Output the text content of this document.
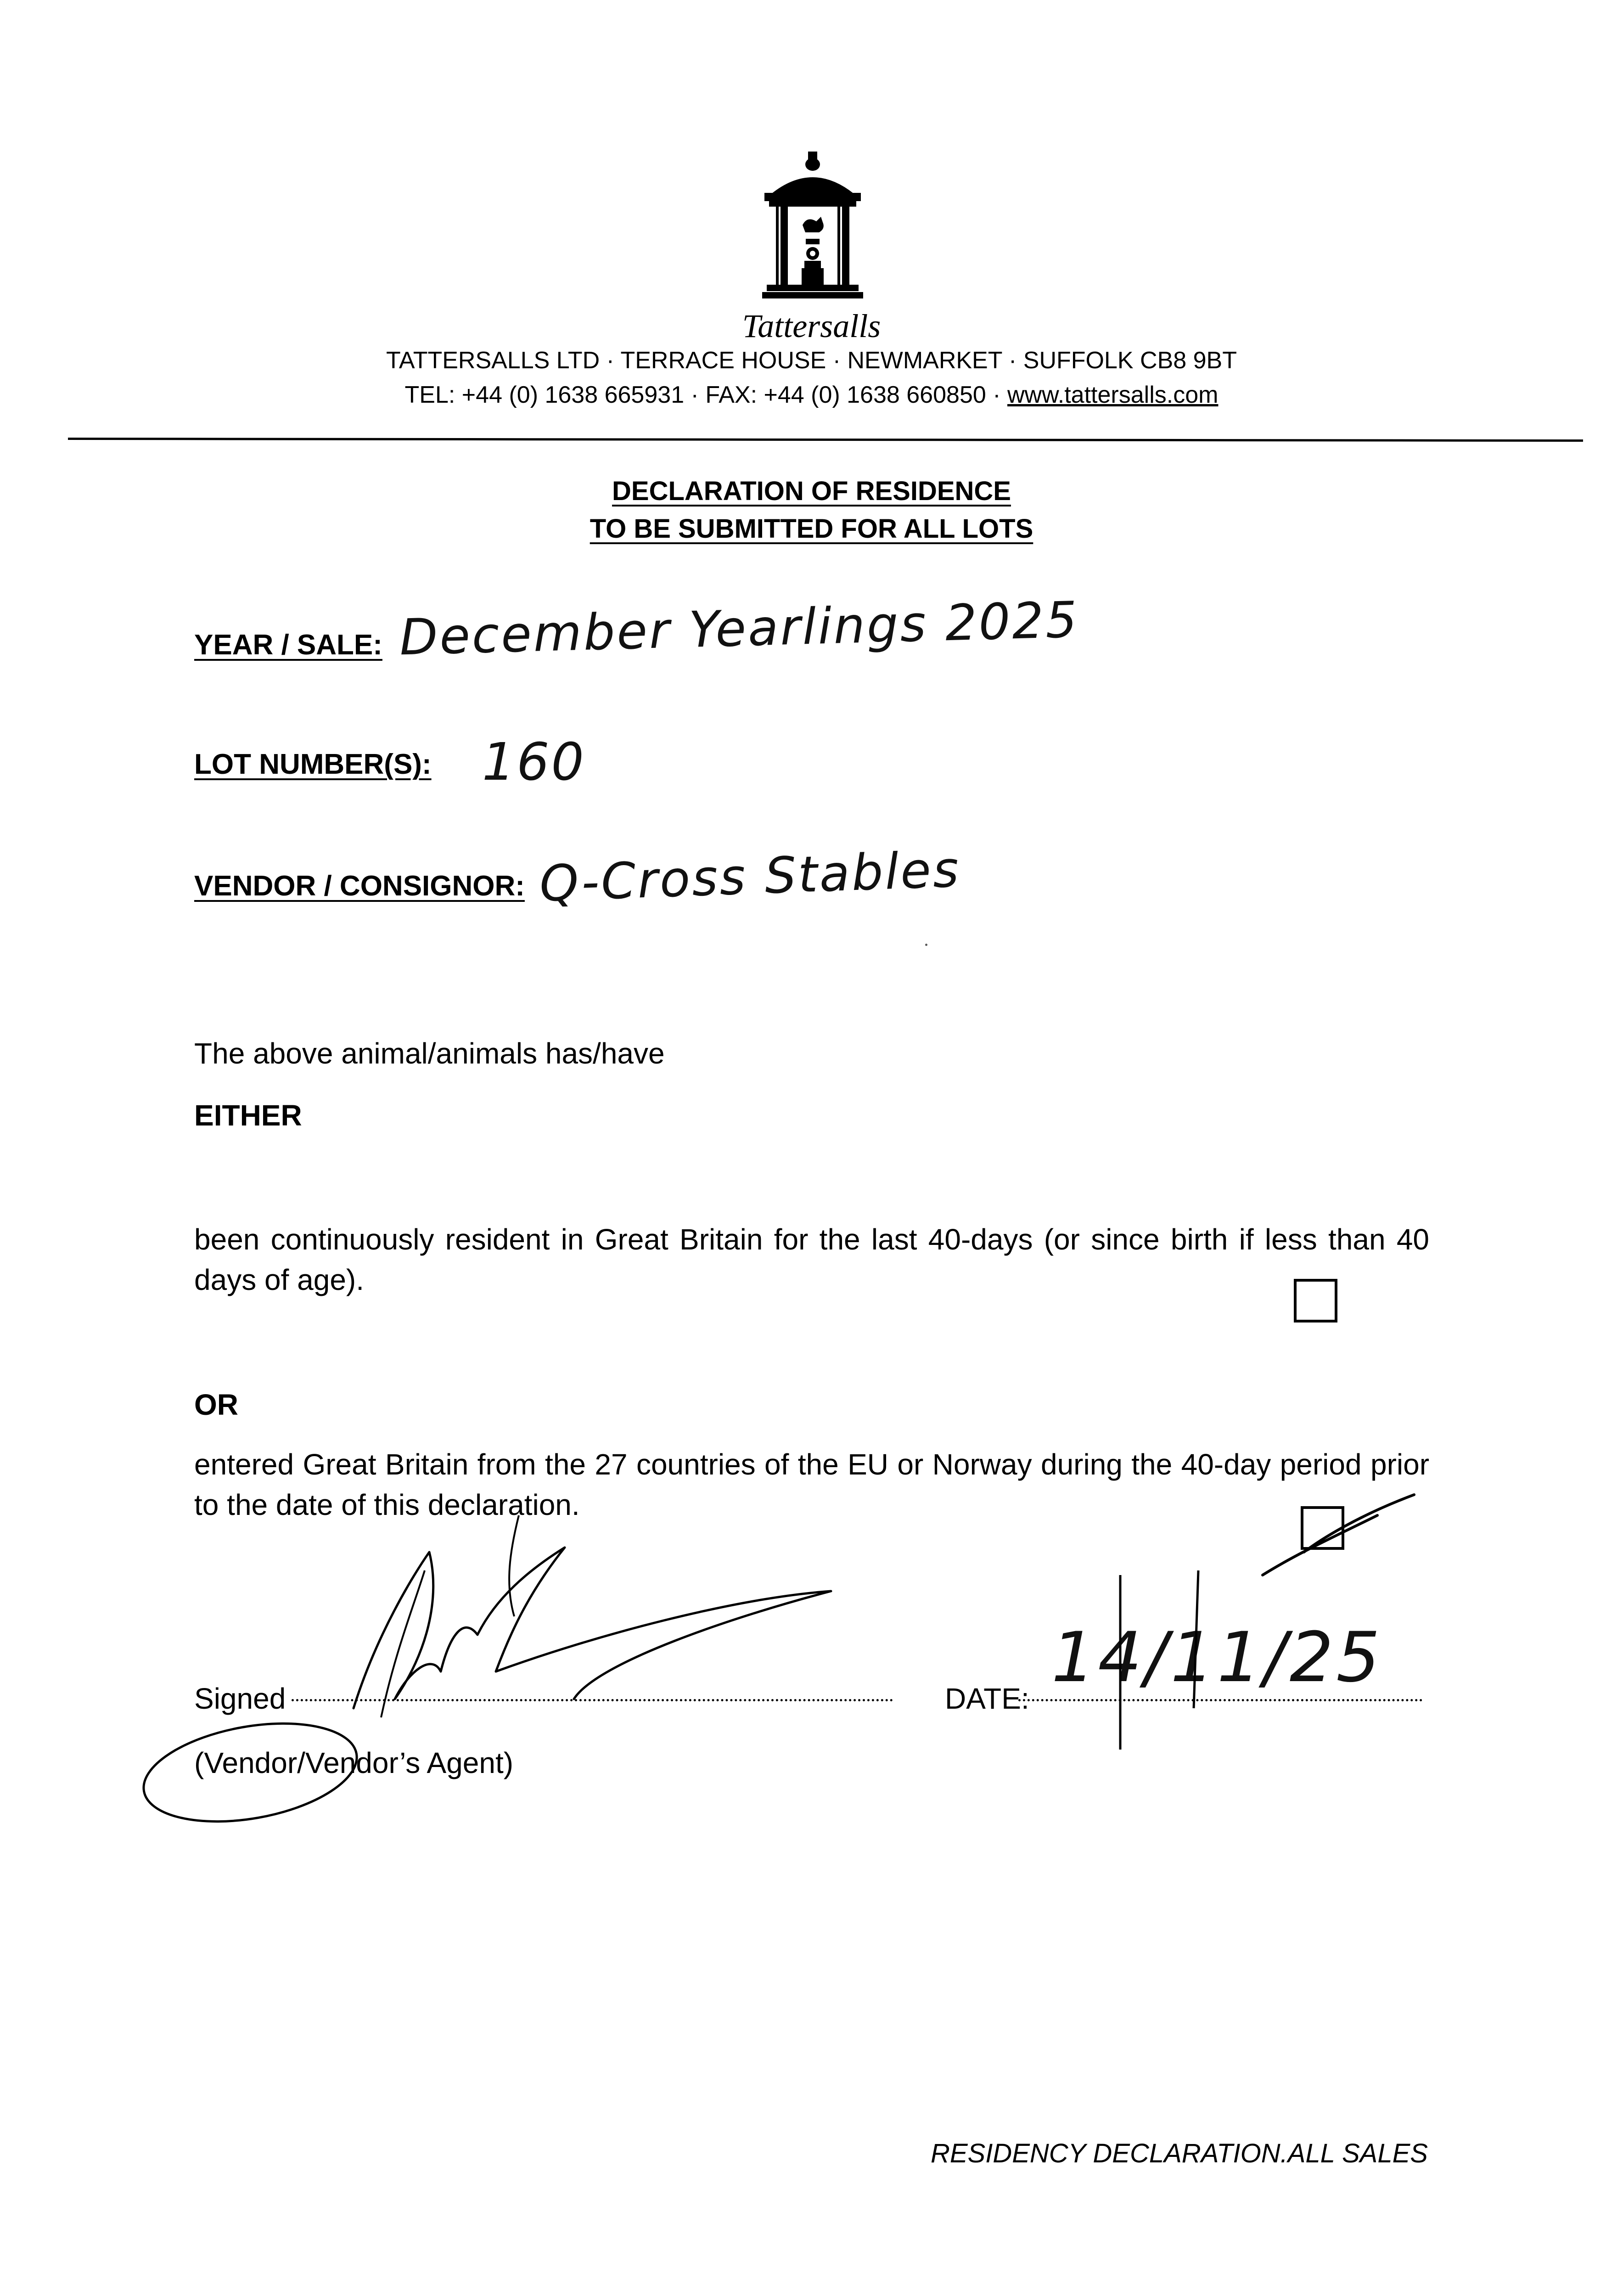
Tattersalls
TATTERSALLS LTD · TERRACE HOUSE · NEWMARKET · SUFFOLK CB8 9BT
TEL: +44 (0) 1638 665931 · FAX: +44 (0) 1638 660850 · www.tattersalls.com
DECLARATION OF RESIDENCE
TO BE SUBMITTED FOR ALL LOTS
YEAR / SALE: December Yearlings 2025
LOT NUMBER(S): 160
VENDOR / CONSIGNOR: Q-Cross Stables
The above animal/animals has/have
EITHER
been continuously resident in Great Britain for the last 40-days (or since birth if less than 40 days of age).
OR
entered Great Britain from the 27 countries of the EU or Norway during the 40-day period prior to the date of this declaration.
Signed	DATE:
14/11/25
(Vendor/Vendor’s Agent)
RESIDENCY DECLARATION.ALL SALES
